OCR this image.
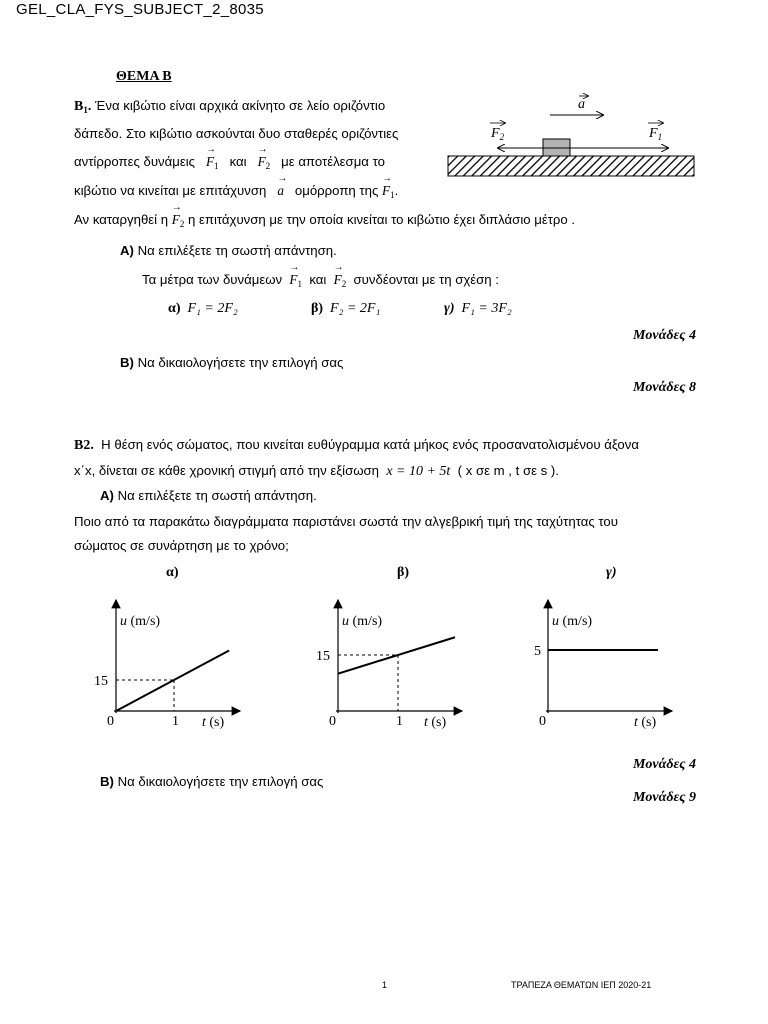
GEL_CLA_FYS_SUBJECT_2_8035
ΘΕΜΑ Β
$B_1$. Ένα κιβώτιο είναι αρχικά ακίνητο σε λείο οριζόντιο
δάπεδο. Στο κιβώτιο ασκούνται δυο σταθερές οριζόντιες
αντίρροπες $\delta\upsilon\nu ά\mu\varepsilon\iota\varsigma \to F_1$ $\kappa\alpha\iota \to F_2$ με αποτέλεσμα το
κιβώτιο να κινείται με επιτάχυνση → a ομόρροπη $\tau\eta\varsigma \to F_1$.
Αν καταργηθεί $\eta \to F_2$ η επιτάχυνση με την οποία κινείται το κιβώτιο έχει διπλάσιο μέτρο .
a
$F_2$	$F_1$
Α) Να επιλέξετε τη σωστή απάντηση.
Τα μέτρα των $\delta\upsilon\nu ά\mu\varepsilon\omega\nu \to F_1$ $\kappa\alpha\iota \to F_2$ συνδέονται με τη σχέση :
α) F₁ = 2F₂	β) F₂ = 2F₁	γ) F₁ = 3F₂
Μονάδες 4
Β) Να δικαιολογήσετε την επιλογή σας
Μονάδες 8
Β2. Η θέση ενός σώματος, που κινείται ευθύγραμμα κατά μήκος ενός προσανατολισμένου άξονα
x΄x, δίνεται σε κάθε χρονική στιγμή από την εξίσωση x = 10 + 5t ( x σε m , t σε s ).
Α) Να επιλέξετε τη σωστή απάντηση.
Ποιο από τα παρακάτω διαγράμματα παριστάνει σωστά την αλγεβρική τιμή της ταχύτητας του
σώματος σε συνάρτηση με το χρόνο;
α)	β)	γ)
u (m/s)
t (s)
0	1
15
u (m/s)
t (s)
0	1
15
u (m/s)
t (s)
0
5
Μονάδες 4
Β) Να δικαιολογήσετε την επιλογή σας
Μονάδες 9
1	ΤΡΑΠΕΖΑ ΘΕΜΑΤΩΝ ΙΕΠ 2020-21
